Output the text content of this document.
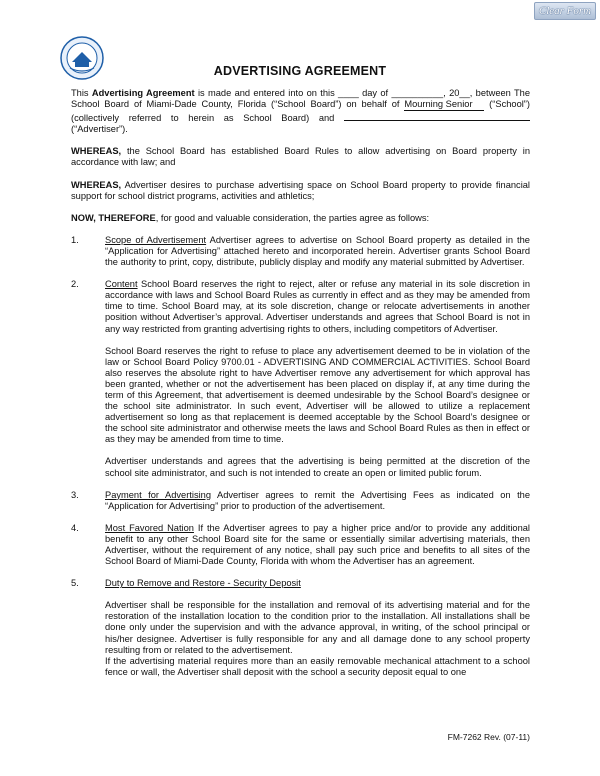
Clear Form
ADVERTISING AGREEMENT

This Advertising Agreement is made and entered into on this ____ day of __________, 20__, between The School Board of Miami-Dade County, Florida (“School Board”) on behalf of Mourning Senior (“School”) (collectively referred to herein as School Board) and  (“Advertiser”).

WHEREAS, the School Board has established Board Rules to allow advertising on Board property in accordance with law; and

WHEREAS, Advertiser desires to purchase advertising space on School Board property to provide financial support for school district programs, activities and athletics;

NOW, THEREFORE, for good and valuable consideration, the parties agree as follows:

1.	Scope of Advertisement Advertiser agrees to advertise on School Board property as detailed in the “Application for Advertising” attached hereto and incorporated herein. Advertiser grants School Board the authority to print, copy, distribute, publicly display and modify any material submitted by Advertiser.

2.	Content School Board reserves the right to reject, alter or refuse any material in its sole discretion in accordance with laws and School Board Rules as currently in effect and as they may be amended from time to time. School Board may, at its sole discretion, change or relocate advertisements in another position without Advertiser’s approval. Advertiser understands and agrees that School Board is not in any way restricted from granting advertising rights to others, including competitors of Advertiser.

School Board reserves the right to refuse to place any advertisement deemed to be in violation of the law or School Board Policy 9700.01 - ADVERTISING AND COMMERCIAL ACTIVITIES. School Board also reserves the absolute right to have Advertiser remove any advertisement for which approval has been granted, whether or not the advertisement has been placed on display if, at any time during the term of this Agreement, that advertisement is deemed undesirable by the School Board’s designee or the school site administrator. In such event, Advertiser will be allowed to utilize a replacement advertisement so long as that replacement is deemed acceptable by the School Board’s designee or the school site administrator and otherwise meets the laws and School Board Rules as then in effect or as they may be amended from time to time.

Advertiser understands and agrees that the advertising is being permitted at the discretion of the school site administrator, and such is not intended to create an open or limited public forum.

3.	Payment for Advertising Advertiser agrees to remit the Advertising Fees as indicated on the “Application for Advertising” prior to production of the advertisement.

4.	Most Favored Nation If the Advertiser agrees to pay a higher price and/or to provide any additional benefit to any other School Board site for the same or essentially similar advertising materials, then Advertiser, without the requirement of any notice, shall pay such price and benefits to all sites of the School Board of Miami-Dade County, Florida with whom the Advertiser has an agreement.

5.	Duty to Remove and Restore - Security Deposit

Advertiser shall be responsible for the installation and removal of its advertising material and for the restoration of the installation location to the condition prior to the installation. All installations shall be done only under the supervision and with the advance approval, in writing, of the school principal or his/her designee. Advertiser is fully responsible for any and all damage done to any school property resulting from or related to the advertisement.

If the advertising material requires more than an easily removable mechanical attachment to a school fence or wall, the Advertiser shall deposit with the school a security deposit equal to one

FM-7262 Rev. (07-11)
